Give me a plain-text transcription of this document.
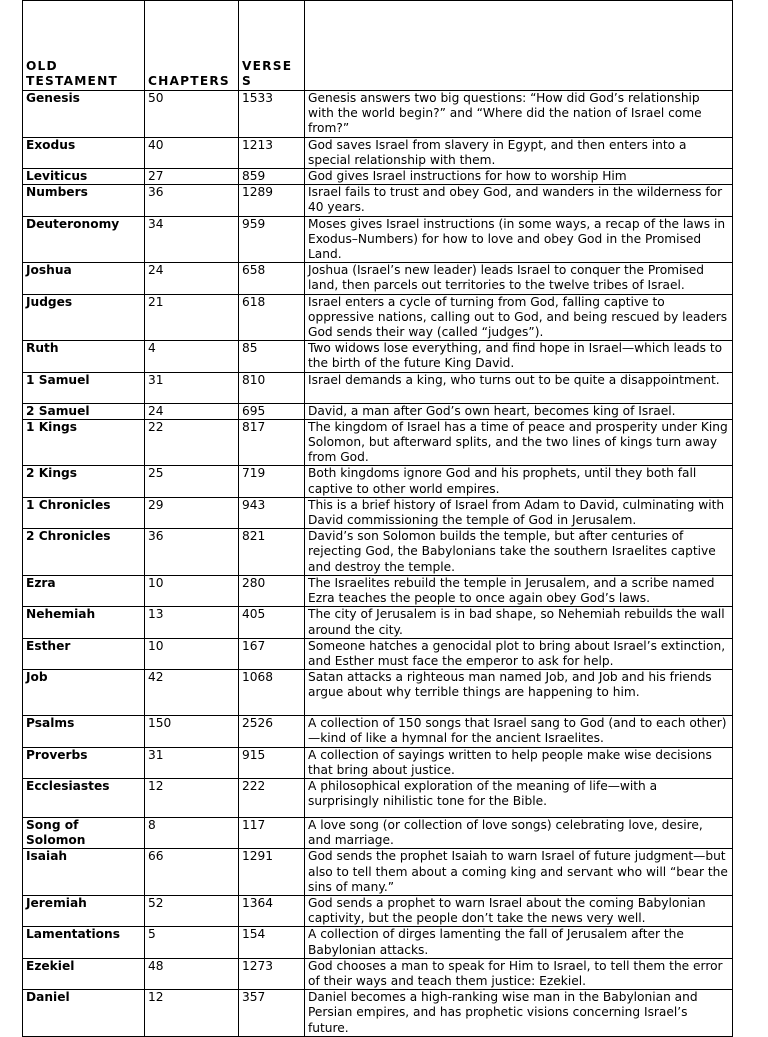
OLD TESTAMENT	CHAPTERS	VERSES	
Genesis	50	1533	Genesis answers two big questions: “How did God’s relationship with the world begin?” and “Where did the nation of Israel come from?”
Exodus	40	1213	God saves Israel from slavery in Egypt, and then enters into a special relationship with them.
Leviticus	27	859	God gives Israel instructions for how to worship Him
Numbers	36	1289	Israel fails to trust and obey God, and wanders in the wilderness for 40 years.
Deuteronomy	34	959	Moses gives Israel instructions (in some ways, a recap of the laws in Exodus–Numbers) for how to love and obey God in the Promised Land.
Joshua	24	658	Joshua (Israel’s new leader) leads Israel to conquer the Promised land, then parcels out territories to the twelve tribes of Israel.
Judges	21	618	Israel enters a cycle of turning from God, falling captive to oppressive nations, calling out to God, and being rescued by leaders God sends their way (called “judges”).
Ruth	4	85	Two widows lose everything, and find hope in Israel—which leads to the birth of the future King David.
1 Samuel	31	810	Israel demands a king, who turns out to be quite a disappointment.
2 Samuel	24	695	David, a man after God’s own heart, becomes king of Israel.
1 Kings	22	817	The kingdom of Israel has a time of peace and prosperity under King Solomon, but afterward splits, and the two lines of kings turn away from God.
2 Kings	25	719	Both kingdoms ignore God and his prophets, until they both fall captive to other world empires.
1 Chronicles	29	943	This is a brief history of Israel from Adam to David, culminating with David commissioning the temple of God in Jerusalem.
2 Chronicles	36	821	David’s son Solomon builds the temple, but after centuries of rejecting God, the Babylonians take the southern Israelites captive and destroy the temple.
Ezra	10	280	The Israelites rebuild the temple in Jerusalem, and a scribe named Ezra teaches the people to once again obey God’s laws.
Nehemiah	13	405	The city of Jerusalem is in bad shape, so Nehemiah rebuilds the wall around the city.
Esther	10	167	Someone hatches a genocidal plot to bring about Israel’s extinction, and Esther must face the emperor to ask for help.
Job	42	1068	Satan attacks a righteous man named Job, and Job and his friends argue about why terrible things are happening to him.
Psalms	150	2526	A collection of 150 songs that Israel sang to God (and to each other)—kind of like a hymnal for the ancient Israelites.
Proverbs	31	915	A collection of sayings written to help people make wise decisions that bring about justice.
Ecclesiastes	12	222	A philosophical exploration of the meaning of life—with a surprisingly nihilistic tone for the Bible.
Song of Solomon	8	117	A love song (or collection of love songs) celebrating love, desire, and marriage.
Isaiah	66	1291	God sends the prophet Isaiah to warn Israel of future judgment—but also to tell them about a coming king and servant who will “bear the sins of many.”
Jeremiah	52	1364	God sends a prophet to warn Israel about the coming Babylonian captivity, but the people don’t take the news very well.
Lamentations	5	154	A collection of dirges lamenting the fall of Jerusalem after the Babylonian attacks.
Ezekiel	48	1273	God chooses a man to speak for Him to Israel, to tell them the error of their ways and teach them justice: Ezekiel.
Daniel	12	357	Daniel becomes a high-ranking wise man in the Babylonian and Persian empires, and has prophetic visions concerning Israel’s future.
